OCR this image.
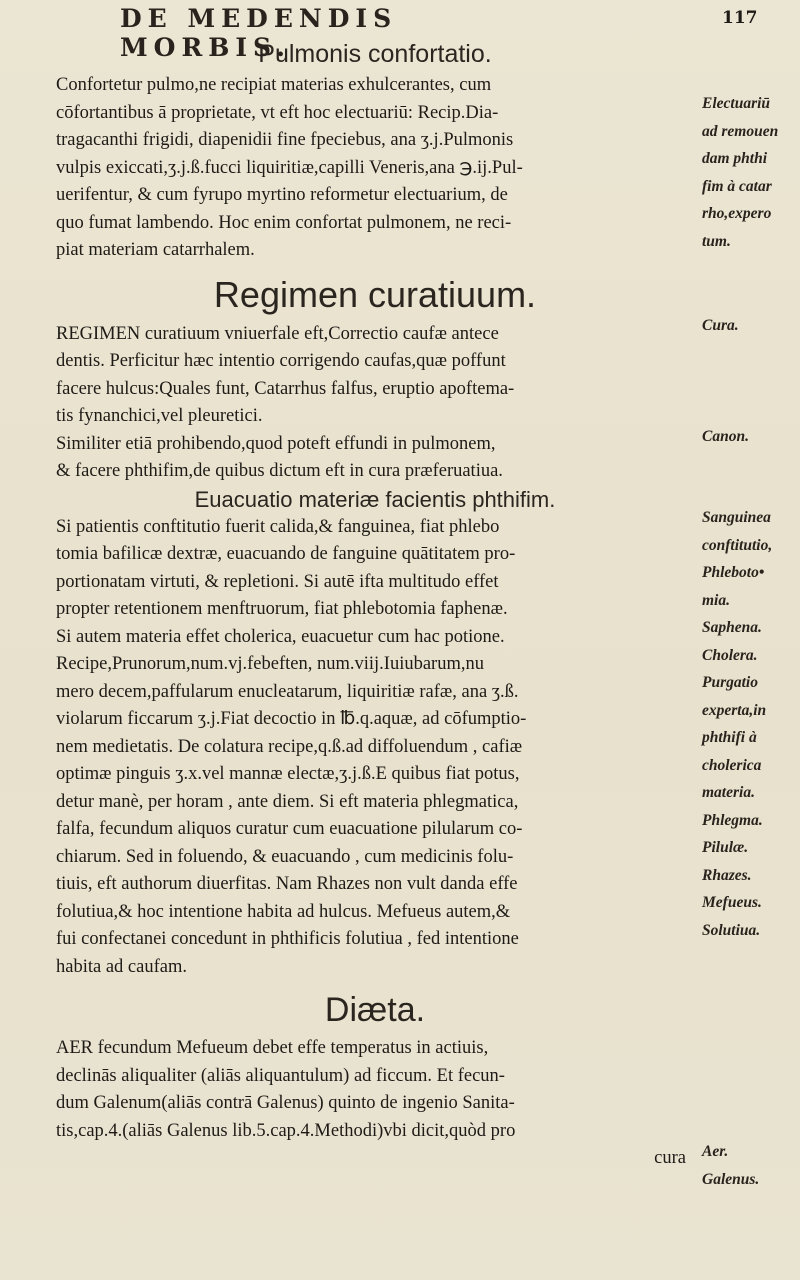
DE MEDENDIS MORBIS.
117
Pulmonis confortatio.

Confortetur pulmo,ne recipiat materias exhulcerantes, cum

cōfortantibus ā proprietate, vt eft hoc electuariū: Recip.Dia-

tragacanthi frigidi, diapenidii fine fpeciebus, ana ʒ.j.Pulmonis

vulpis exiccati,ʒ.j.ß.fucci liquiritiæ,capilli Veneris,ana ℈.ij.Pul-

uerifentur, & cum fyrupo myrtino reformetur electuarium, de

quo fumat lambendo. Hoc enim confortat pulmonem, ne reci-

piat materiam catarrhalem.

Regimen curatiuum.

REGIMEN curatiuum vniuerfale eft,Correctio caufæ antece

dentis. Perficitur hæc intentio corrigendo caufas,quæ poffunt

facere hulcus:Quales funt, Catarrhus falfus, eruptio apoftema-

tis fynanchici,vel pleuretici.

Similiter etiā prohibendo,quod poteft effundi in pulmonem,

& facere phthifim,de quibus dictum eft in cura præferuatiua.

Euacuatio materiæ facientis phthifim.

Si patientis conftitutio fuerit calida,& fanguinea, fiat phlebo

tomia bafilicæ dextræ, euacuando de fanguine quātitatem pro-

portionatam virtuti, & repletioni. Si autē ifta multitudo effet

propter retentionem menftruorum, fiat phlebotomia faphenæ.

Si autem materia effet cholerica, euacuetur cum hac potione.

Recipe,Prunorum,num.vj.febeften, num.viij.Iuiubarum,nu

mero decem,paffularum enucleatarum, liquiritiæ rafæ, ana ʒ.ß.

violarum ficcarum ʒ.j.Fiat decoctio in ℔.q.aquæ, ad cōfumptio-

nem medietatis. De colatura recipe,q.ß.ad diffoluendum , cafiæ

optimæ pinguis ʒ.x.vel mannæ electæ,ʒ.j.ß.E quibus fiat potus,

detur manè, per horam , ante diem. Si eft materia phlegmatica,

falfa, fecundum aliquos curatur cum euacuatione pilularum co-

chiarum. Sed in foluendo, & euacuando , cum medicinis folu-

tiuis, eft authorum diuerfitas. Nam Rhazes non vult danda effe

folutiua,& hoc intentione habita ad hulcus. Mefueus autem,&

fui confectanei concedunt in phthificis folutiua , fed intentione

habita ad caufam.

Diæta.

AER fecundum Mefueum debet effe temperatus in actiuis,

declinās aliqualiter (aliās aliquantulum) ad ficcum. Et fecun-

dum Galenum(aliās contrā Galenus) quinto de ingenio Sanita-

tis,cap.4.(aliās Galenus lib.5.cap.4.Methodi)vbi dicit,quòd pro

cura

Electuariū
ad remouen
dam phthi
fim à catar
rho,expero
tum.
Cura.
Canon.
Sanguinea
conftitutio,
Phleboto•
mia.
Saphena.
Cholera.
Purgatio
experta,in
phthifi à
cholerica
materia.
Phlegma.
Pilulæ.
Rhazes.
Mefueus.
Solutiua.
Aer.
Galenus.
